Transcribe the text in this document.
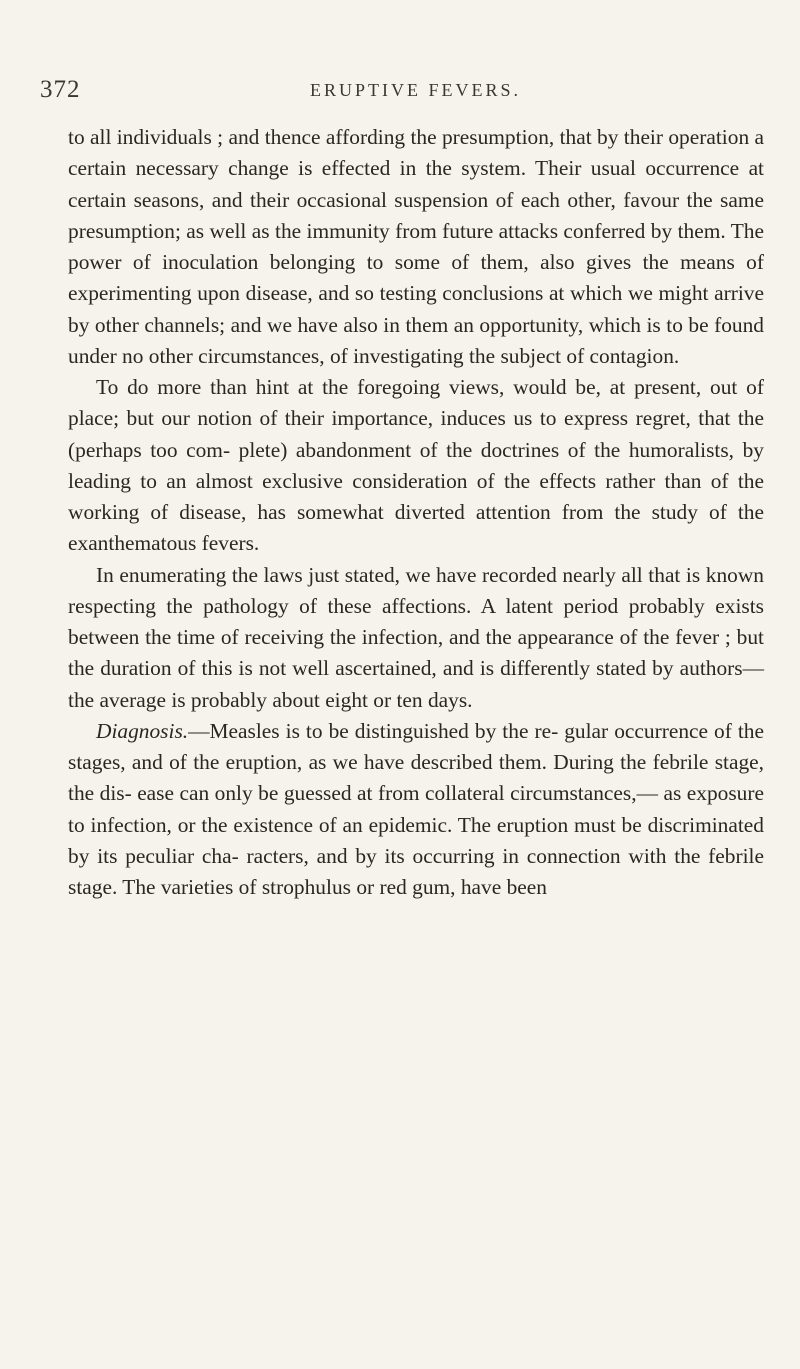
372	ERUPTIVE FEVERS.

to all individuals ; and thence affording the presumption, that by their operation a certain necessary change is effected in the system. Their usual occurrence at certain seasons, and their occasional suspension of each other, favour the same presumption; as well as the immunity from future attacks conferred by them. The power of inoculation belonging to some of them, also gives the means of experimenting upon disease, and so testing conclusions at which we might arrive by other channels; and we have also in them an opportunity, which is to be found under no other circumstances, of investigating the subject of contagion.

To do more than hint at the foregoing views, would be, at present, out of place; but our notion of their importance, induces us to express regret, that the (perhaps too com- plete) abandonment of the doctrines of the humoralists, by leading to an almost exclusive consideration of the effects rather than of the working of disease, has somewhat diverted attention from the study of the exanthematous fevers.

In enumerating the laws just stated, we have recorded nearly all that is known respecting the pathology of these affections. A latent period probably exists between the time of receiving the infection, and the appearance of the fever ; but the duration of this is not well ascertained, and is differently stated by authors—the average is probably about eight or ten days.

Diagnosis.—Measles is to be distinguished by the re- gular occurrence of the stages, and of the eruption, as we have described them. During the febrile stage, the dis- ease can only be guessed at from collateral circumstances,— as exposure to infection, or the existence of an epidemic. The eruption must be discriminated by its peculiar cha- racters, and by its occurring in connection with the febrile stage. The varieties of strophulus or red gum, have been
